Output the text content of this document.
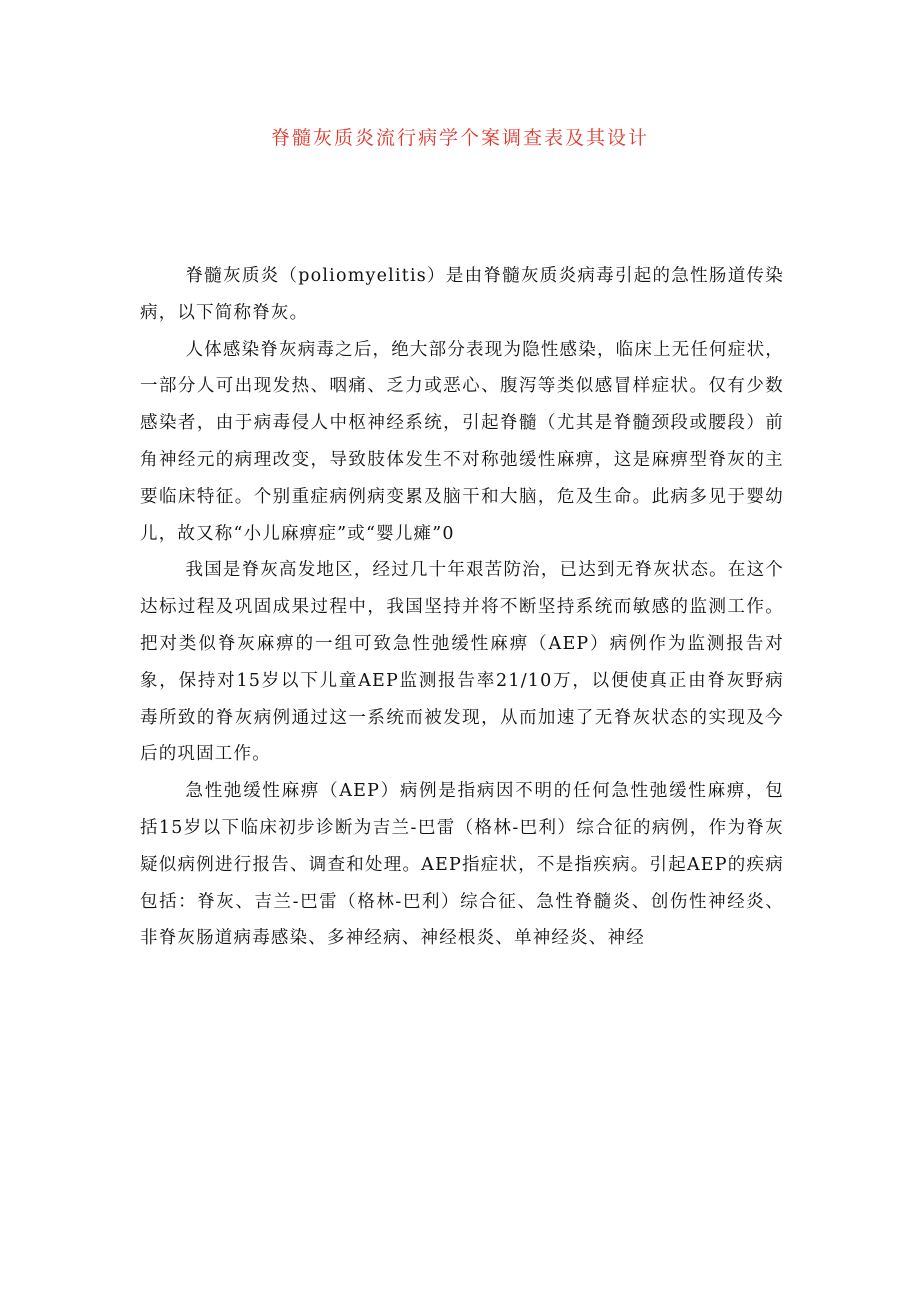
脊髓灰质炎流行病学个案调查表及其设计

脊髓灰质炎（poliomyelitis）是由脊髓灰质炎病毒引起的急性肠道传染病，以下简称脊灰。

人体感染脊灰病毒之后，绝大部分表现为隐性感染，临床上无任何症状，一部分人可出现发热、咽痛、乏力或恶心、腹泻等类似感冒样症状。仅有少数感染者，由于病毒侵人中枢神经系统，引起脊髓（尤其是脊髓颈段或腰段）前角神经元的病理改变，导致肢体发生不对称弛缓性麻痹，这是麻痹型脊灰的主要临床特征。个别重症病例病变累及脑干和大脑，危及生命。此病多见于婴幼儿，故又称“小儿麻痹症”或“婴儿瘫”0

我国是脊灰高发地区，经过几十年艰苦防治，已达到无脊灰状态。在这个达标过程及巩固成果过程中，我国坚持并将不断坚持系统而敏感的监测工作。把对类似脊灰麻痹的一组可致急性弛缓性麻痹（AEP）病例作为监测报告对象，保持对15岁以下儿童AEP监测报告率21/10万，以便使真正由脊灰野病毒所致的脊灰病例通过这一系统而被发现，从而加速了无脊灰状态的实现及今后的巩固工作。

急性弛缓性麻痹（AEP）病例是指病因不明的任何急性弛缓性麻痹，包括15岁以下临床初步诊断为吉兰-巴雷（格林-巴利）综合征的病例，作为脊灰疑似病例进行报告、调查和处理。AEP指症状，不是指疾病。引起AEP的疾病包括：脊灰、吉兰-巴雷（格林-巴利）综合征、急性脊髓炎、创伤性神经炎、非脊灰肠道病毒感染、多神经病、神经根炎、单神经炎、神经
